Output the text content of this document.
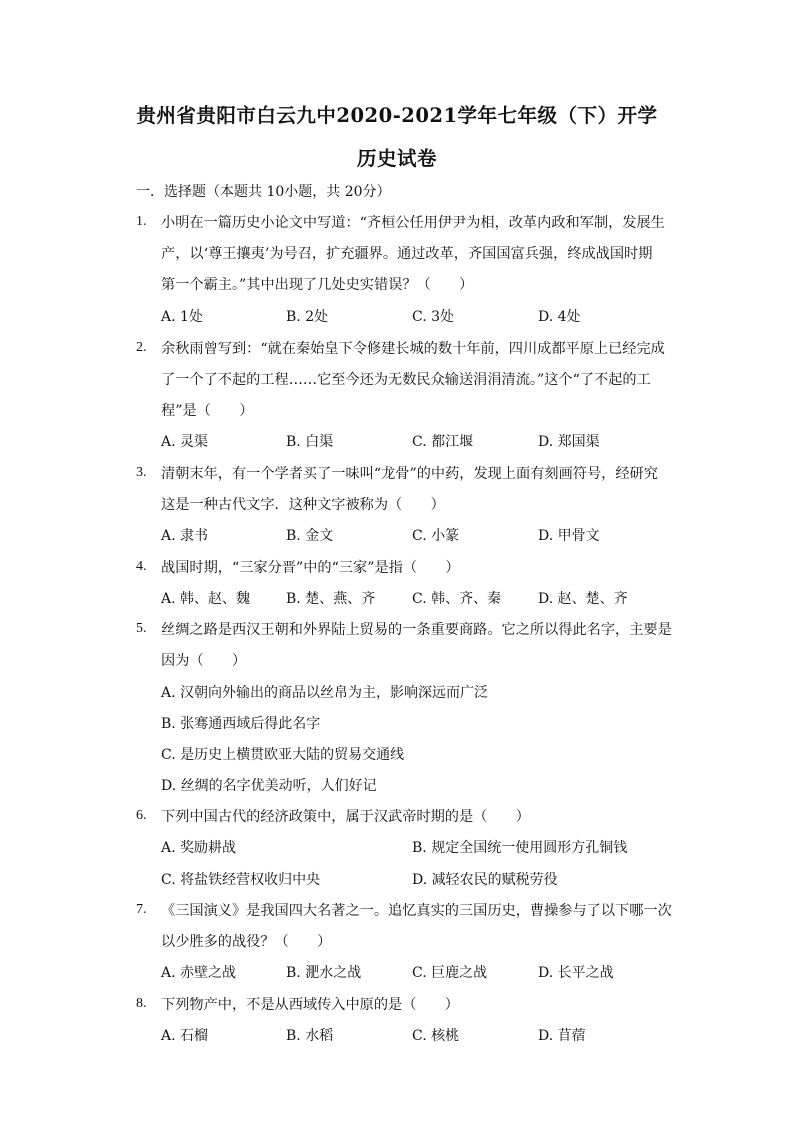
贵州省贵阳市白云九中2020-2021学年七年级（下）开学
历史试卷
一．选择题（本题共 10小题，共 20分）
1. 小明在一篇历史小论文中写道：“齐桓公任用伊尹为相，改革内政和军制，发展生
产，以‘尊王攘夷’为号召，扩充疆界。通过改革，齐国国富兵强，终成战国时期
第一个霸主。”其中出现了几处史实错误？（　　）
A. 1处	B. 2处	C. 3处	D. 4处
2. 余秋雨曾写到：“就在秦始皇下令修建长城的数十年前，四川成都平原上已经完成
了一个了不起的工程……它至今还为无数民众输送涓涓清流。”这个“了不起的工
程”是（　　）
A. 灵渠	B. 白渠	C. 都江堰	D. 郑国渠
3. 清朝末年，有一个学者买了一味叫“龙骨”的中药，发现上面有刻画符号，经研究
这是一种古代文字．这种文字被称为（　　）
A. 隶书	B. 金文	C. 小篆	D. 甲骨文
4. 战国时期，“三家分晋”中的“三家”是指（　　）
A. 韩、赵、魏	B. 楚、燕、齐	C. 韩、齐、秦	D. 赵、楚、齐
5. 丝绸之路是西汉王朝和外界陆上贸易的一条重要商路。它之所以得此名字，主要是
因为（　　）
A. 汉朝向外输出的商品以丝帛为主，影响深远而广泛
B. 张骞通西域后得此名字
C. 是历史上横贯欧亚大陆的贸易交通线
D. 丝绸的名字优美动听，人们好记
6. 下列中国古代的经济政策中，属于汉武帝时期的是（　　）
A. 奖励耕战	B. 规定全国统一使用圆形方孔铜钱
C. 将盐铁经营权收归中央	D. 减轻农民的赋税劳役
7. 《三国演义》是我国四大名著之一。追忆真实的三国历史，曹操参与了以下哪一次
以少胜多的战役？（　　）
A. 赤壁之战	B. 淝水之战	C. 巨鹿之战	D. 长平之战
8. 下列物产中，不是从西域传入中原的是（　　）
A. 石榴	B. 水稻	C. 核桃	D. 苜蓿
